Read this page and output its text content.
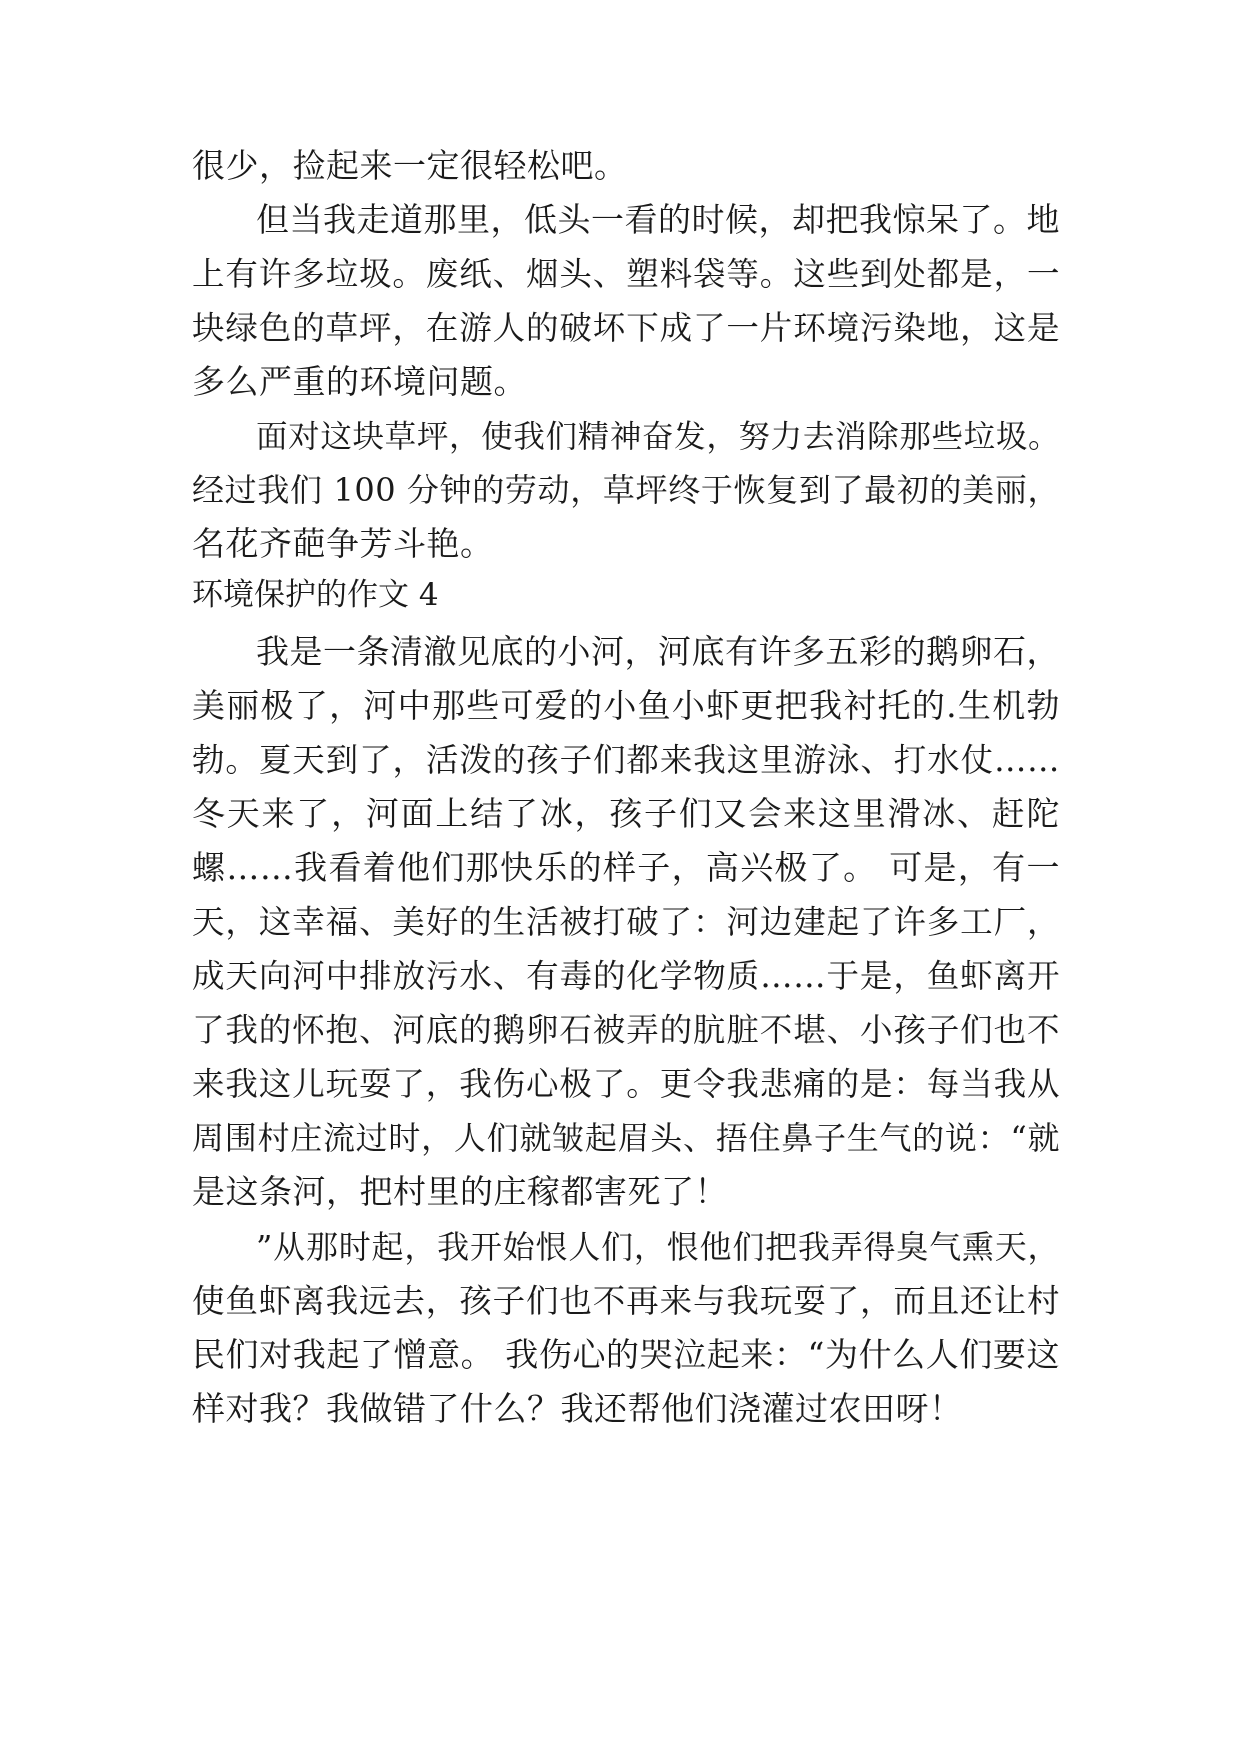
很少，捡起来一定很轻松吧。
但当我走道那里，低头一看的时候，却把我惊呆了。地
上有许多垃圾。废纸、烟头、塑料袋等。这些到处都是，一
块绿色的草坪，在游人的破坏下成了一片环境污染地，这是
多么严重的环境问题。
面对这块草坪，使我们精神奋发，努力去消除那些垃圾。
经过我们 100 分钟的劳动，草坪终于恢复到了最初的美丽，
名花齐葩争芳斗艳。
环境保护的作文 4
我是一条清澈见底的小河，河底有许多五彩的鹅卵石，
美丽极了，河中那些可爱的小鱼小虾更把我衬托的.生机勃
勃。夏天到了，活泼的孩子们都来我这里游泳、打水仗……
冬天来了，河面上结了冰，孩子们又会来这里滑冰、赶陀
螺……我看着他们那快乐的样子，高兴极了。 可是，有一
天，这幸福、美好的生活被打破了：河边建起了许多工厂，
成天向河中排放污水、有毒的化学物质……于是，鱼虾离开
了我的怀抱、河底的鹅卵石被弄的肮脏不堪、小孩子们也不
来我这儿玩耍了，我伤心极了。更令我悲痛的是：每当我从
周围村庄流过时，人们就皱起眉头、捂住鼻子生气的说：“就
是这条河，把村里的庄稼都害死了！
”从那时起，我开始恨人们，恨他们把我弄得臭气熏天，
使鱼虾离我远去，孩子们也不再来与我玩耍了，而且还让村
民们对我起了憎意。 我伤心的哭泣起来：“为什么人们要这
样对我？我做错了什么？我还帮他们浇灌过农田呀！
